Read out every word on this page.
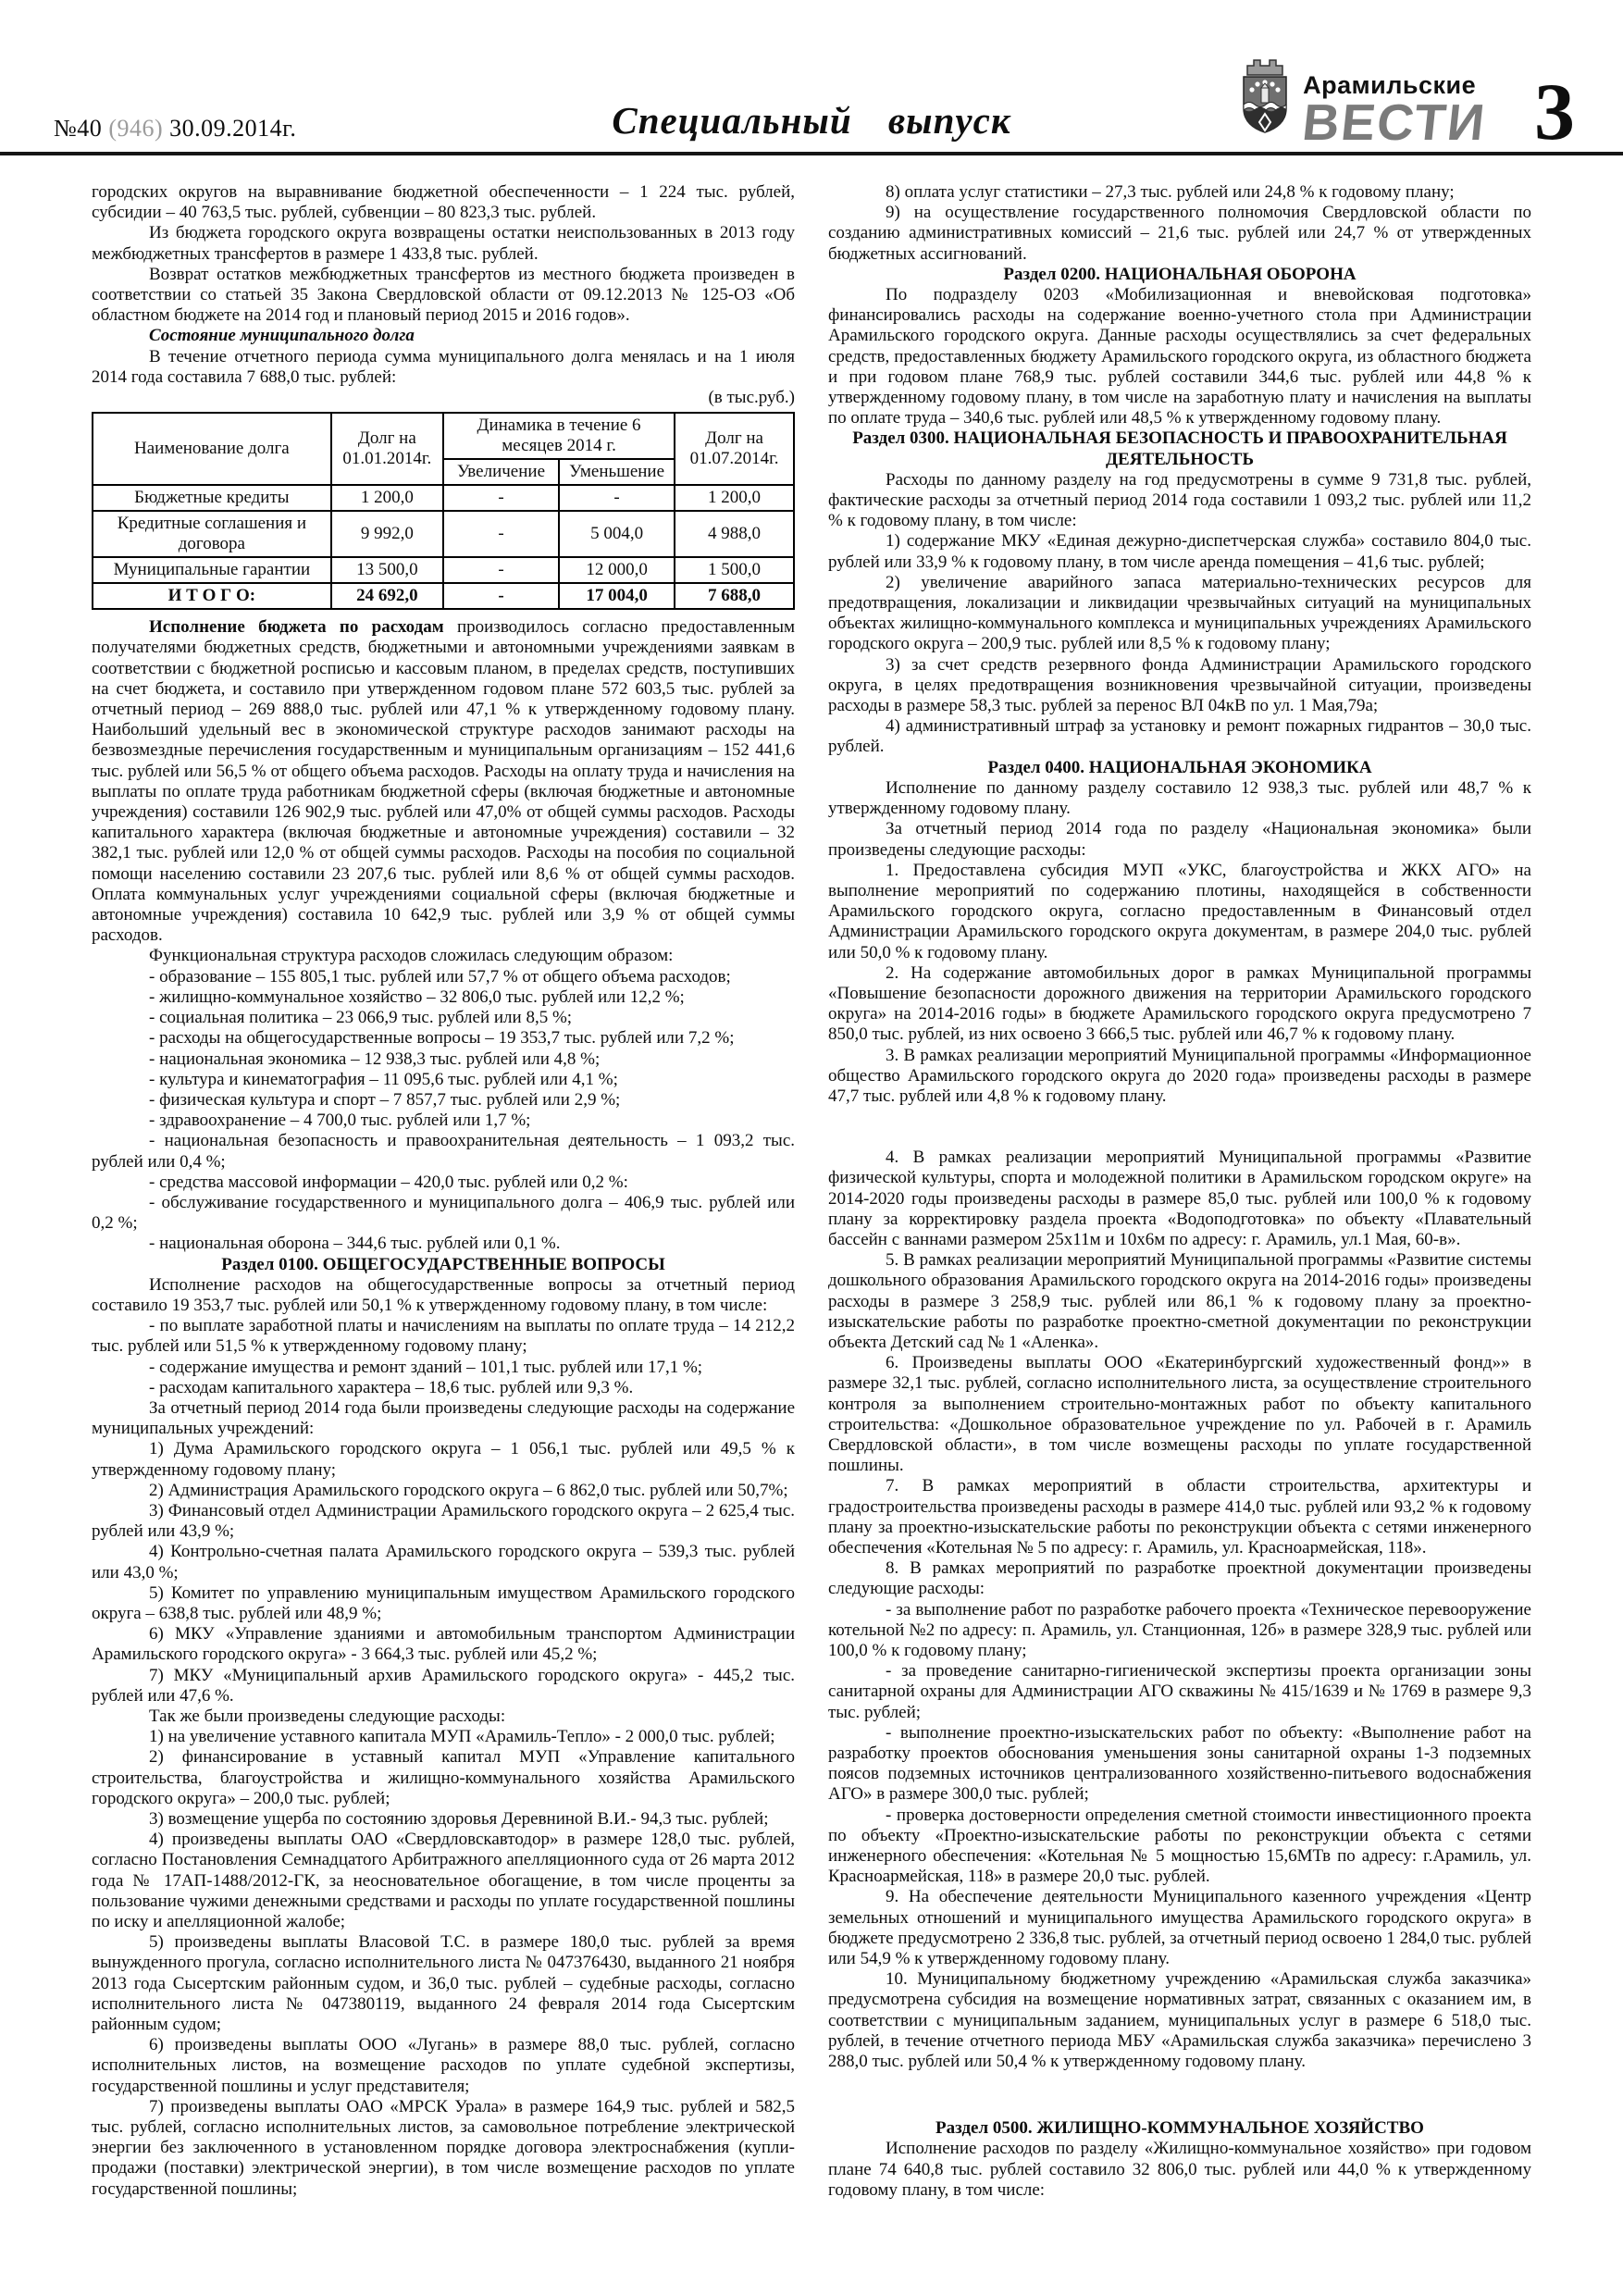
№40 (946) 30.09.2014г.	Специальный выпуск
Арамильские
ВЕСТИ 3

городских округов на выравнивание бюджетной обеспеченности – 1 224 тыс. рублей, субсидии – 40 763,5 тыс. рублей, субвенции – 80 823,3 тыс. рублей.

Из бюджета городского округа возвращены остатки неиспользованных в 2013 году межбюджетных трансфертов в размере 1 433,8 тыс. рублей.

Возврат остатков межбюджетных трансфертов из местного бюджета произведен в соответствии со статьей 35 Закона Свердловской области от 09.12.2013 № 125-ОЗ «Об областном бюджете на 2014 год и плановый период 2015 и 2016 годов».

Состояние муниципального долга

В течение отчетного периода сумма муниципального долга менялась и на 1 июля 2014 года составила 7 688,0 тыс. рублей:

(в тыс.руб.)

Наименование долга	Долг на 01.01.2014г.	Динамика в течение 6 месяцев 2014 г.		Долг на 01.07.2014г.
		Увеличение	Уменьшение	
Бюджетные кредиты	1 200,0	-	-	1 200,0
Кредитные соглашения и договора	9 992,0	-	5 004,0	4 988,0
Муниципальные гарантии	13 500,0	-	12 000,0	1 500,0
И Т О Г О:	24 692,0	-	17 004,0	7 688,0

Исполнение бюджета по расходам производилось согласно предоставленным получателями бюджетных средств, бюджетными и автономными учреждениями заявкам в соответствии с бюджетной росписью и кассовым планом, в пределах средств, поступивших на счет бюджета, и составило при утвержденном годовом плане 572 603,5 тыс. рублей за отчетный период – 269 888,0 тыс. рублей или 47,1 % к утвержденному годовому плану. Наибольший удельный вес в экономической структуре расходов занимают расходы на безвозмездные перечисления государственным и муниципальным организациям – 152 441,6 тыс. рублей или 56,5 % от общего объема расходов. Расходы на оплату труда и начисления на выплаты по оплате труда работникам бюджетной сферы (включая бюджетные и автономные учреждения) составили 126 902,9 тыс. рублей или 47,0% от общей суммы расходов. Расходы капитального характера (включая бюджетные и автономные учреждения) составили – 32 382,1 тыс. рублей или 12,0 % от общей суммы расходов. Расходы на пособия по социальной помощи населению составили 23 207,6 тыс. рублей или 8,6 % от общей суммы расходов. Оплата коммунальных услуг учреждениями социальной сферы (включая бюджетные и автономные учреждения) составила 10 642,9 тыс. рублей или 3,9 % от общей суммы расходов.

Функциональная структура расходов сложилась следующим образом:

- образование – 155 805,1 тыс. рублей или 57,7 % от общего объема расходов;

- жилищно-коммунальное хозяйство – 32 806,0 тыс. рублей или 12,2 %;

- социальная политика – 23 066,9 тыс. рублей или 8,5 %;

- расходы на общегосударственные вопросы – 19 353,7 тыс. рублей или 7,2 %;

- национальная экономика – 12 938,3 тыс. рублей или 4,8 %;

- культура и кинематография – 11 095,6 тыс. рублей или 4,1 %;

- физическая культура и спорт – 7 857,7 тыс. рублей или 2,9 %;

- здравоохранение – 4 700,0 тыс. рублей или 1,7 %;

- национальная безопасность и правоохранительная деятельность – 1 093,2 тыс. рублей или 0,4 %;

- средства массовой информации – 420,0 тыс. рублей или 0,2 %:

- обслуживание государственного и муниципального долга – 406,9 тыс. рублей или 0,2 %;

- национальная оборона – 344,6 тыс. рублей или 0,1 %.

Раздел 0100. ОБЩЕГОСУДАРСТВЕННЫЕ ВОПРОСЫ

Исполнение расходов на общегосударственные вопросы за отчетный период составило 19 353,7 тыс. рублей или 50,1 % к утвержденному годовому плану, в том числе:

- по выплате заработной платы и начислениям на выплаты по оплате труда – 14 212,2 тыс. рублей или 51,5 % к утвержденному годовому плану;

- содержание имущества и ремонт зданий – 101,1 тыс. рублей или 17,1 %;

- расходам капитального характера – 18,6 тыс. рублей или 9,3 %.

За отчетный период 2014 года были произведены следующие расходы на содержание муниципальных учреждений:

1) Дума Арамильского городского округа – 1 056,1 тыс. рублей или 49,5 % к утвержденному годовому плану;

2) Администрация Арамильского городского округа – 6 862,0 тыс. рублей или 50,7%;

3) Финансовый отдел Администрации Арамильского городского округа – 2 625,4 тыс. рублей или 43,9 %;

4) Контрольно-счетная палата Арамильского городского округа – 539,3 тыс. рублей или 43,0 %;

5) Комитет по управлению муниципальным имуществом Арамильского городского округа – 638,8 тыс. рублей или 48,9 %;

6) МКУ «Управление зданиями и автомобильным транспортом Администрации Арамильского городского округа» - 3 664,3 тыс. рублей или 45,2 %;

7) МКУ «Муниципальный архив Арамильского городского округа» - 445,2 тыс. рублей или 47,6 %.

Так же были произведены следующие расходы:

1) на увеличение уставного капитала МУП «Арамиль-Тепло» - 2 000,0 тыс. рублей;

2) финансирование в уставный капитал МУП «Управление капитального строительства, благоустройства и жилищно-коммунального хозяйства Арамильского городского округа» – 200,0 тыс. рублей;

3) возмещение ущерба по состоянию здоровья Деревниной В.И.- 94,3 тыс. рублей;

4) произведены выплаты ОАО «Свердловскавтодор» в размере 128,0 тыс. рублей, согласно Постановления Семнадцатого Арбитражного апелляционного суда от 26 марта 2012 года № 17АП-1488/2012-ГК, за неосновательное обогащение, в том числе проценты за пользование чужими денежными средствами и расходы по уплате государственной пошлины по иску и апелляционной жалобе;

5) произведены выплаты Власовой Т.С. в размере 180,0 тыс. рублей за время вынужденного прогула, согласно исполнительного листа № 047376430, выданного 21 ноября 2013 года Сысертским районным судом, и 36,0 тыс. рублей – судебные расходы, согласно исполнительного листа № 047380119, выданного 24 февраля 2014 года Сысертским районным судом;

6) произведены выплаты ООО «Лугань» в размере 88,0 тыс. рублей, согласно исполнительных листов, на возмещение расходов по уплате судебной экспертизы, государственной пошлины и услуг представителя;

7) произведены выплаты ОАО «МРСК Урала» в размере 164,9 тыс. рублей и 582,5 тыс. рублей, согласно исполнительных листов, за самовольное потребление электрической энергии без заключенного в установленном порядке договора электроснабжения (купли-продажи (поставки) электрической энергии), в том числе возмещение расходов по уплате государственной пошлины;

8) оплата услуг статистики – 27,3 тыс. рублей или 24,8 % к годовому плану;

9) на осуществление государственного полномочия Свердловской области по созданию административных комиссий – 21,6 тыс. рублей или 24,7 % от утвержденных бюджетных ассигнований.

Раздел 0200. НАЦИОНАЛЬНАЯ ОБОРОНА

По подразделу 0203 «Мобилизационная и вневойсковая подготовка» финансировались расходы на содержание военно-учетного стола при Администрации Арамильского городского округа. Данные расходы осуществлялись за счет федеральных средств, предоставленных бюджету Арамильского городского округа, из областного бюджета и при годовом плане 768,9 тыс. рублей составили 344,6 тыс. рублей или 44,8 % к утвержденному годовому плану, в том числе на заработную плату и начисления на выплаты по оплате труда – 340,6 тыс. рублей или 48,5 % к утвержденному годовому плану.

Раздел 0300. НАЦИОНАЛЬНАЯ БЕЗОПАСНОСТЬ И ПРАВООХРАНИТЕЛЬНАЯ ДЕЯТЕЛЬНОСТЬ

Расходы по данному разделу на год предусмотрены в сумме 9 731,8 тыс. рублей, фактические расходы за отчетный период 2014 года составили 1 093,2 тыс. рублей или 11,2 % к годовому плану, в том числе:

1) содержание МКУ «Единая дежурно-диспетчерская служба» составило 804,0 тыс. рублей или 33,9 % к годовому плану, в том числе аренда помещения – 41,6 тыс. рублей;

2) увеличение аварийного запаса материально-технических ресурсов для предотвращения, локализации и ликвидации чрезвычайных ситуаций на муниципальных объектах жилищно-коммунального комплекса и муниципальных учреждениях Арамильского городского округа – 200,9 тыс. рублей или 8,5 % к годовому плану;

3) за счет средств резервного фонда Администрации Арамильского городского округа, в целях предотвращения возникновения чрезвычайной ситуации, произведены расходы в размере 58,3 тыс. рублей за перенос ВЛ 04кВ по ул. 1 Мая,79а;

4) административный штраф за установку и ремонт пожарных гидрантов – 30,0 тыс. рублей.

Раздел 0400. НАЦИОНАЛЬНАЯ ЭКОНОМИКА

Исполнение по данному разделу составило 12 938,3 тыс. рублей или 48,7 % к утвержденному годовому плану.

За отчетный период 2014 года по разделу «Национальная экономика» были произведены следующие расходы:

1. Предоставлена субсидия МУП «УКС, благоустройства и ЖКХ АГО» на выполнение мероприятий по содержанию плотины, находящейся в собственности Арамильского городского округа, согласно предоставленным в Финансовый отдел Администрации Арамильского городского округа документам, в размере 204,0 тыс. рублей или 50,0 % к годовому плану.

2. На содержание автомобильных дорог в рамках Муниципальной программы «Повышение безопасности дорожного движения на территории Арамильского городского округа» на 2014-2016 годы» в бюджете Арамильского городского округа предусмотрено 7 850,0 тыс. рублей, из них освоено 3 666,5 тыс. рублей или 46,7 % к годовому плану.

3. В рамках реализации мероприятий Муниципальной программы «Информационное общество Арамильского городского округа до 2020 года» произведены расходы в размере 47,7 тыс. рублей или 4,8 % к годовому плану.

4. В рамках реализации мероприятий Муниципальной программы «Развитие физической культуры, спорта и молодежной политики в Арамильском городском округе» на 2014-2020 годы произведены расходы в размере 85,0 тыс. рублей или 100,0 % к годовому плану за корректировку раздела проекта «Водоподготовка» по объекту «Плавательный бассейн с ваннами размером 25х11м и 10х6м по адресу: г. Арамиль, ул.1 Мая, 60-в».

5. В рамках реализации мероприятий Муниципальной программы «Развитие системы дошкольного образования Арамильского городского округа на 2014-2016 годы» произведены расходы в размере 3 258,9 тыс. рублей или 86,1 % к годовому плану за проектно-изыскательские работы по разработке проектно-сметной документации по реконструкции объекта Детский сад № 1 «Аленка».

6. Произведены выплаты ООО «Екатеринбургский художественный фонд»» в размере 32,1 тыс. рублей, согласно исполнительного листа, за осуществление строительного контроля за выполнением строительно-монтажных работ по объекту капитального строительства: «Дошкольное образовательное учреждение по ул. Рабочей в г. Арамиль Свердловской области», в том числе возмещены расходы по уплате государственной пошлины.

7. В рамках мероприятий в области строительства, архитектуры и градостроительства произведены расходы в размере 414,0 тыс. рублей или 93,2 % к годовому плану за проектно-изыскательские работы по реконструкции объекта с сетями инженерного обеспечения «Котельная № 5 по адресу: г. Арамиль, ул. Красноармейская, 118».

8. В рамках мероприятий по разработке проектной документации произведены следующие расходы:

- за выполнение работ по разработке рабочего проекта «Техническое перевооружение котельной №2 по адресу: п. Арамиль, ул. Станционная, 12б» в размере 328,9 тыс. рублей или 100,0 % к годовому плану;

- за проведение санитарно-гигиенической экспертизы проекта организации зоны санитарной охраны для Администрации АГО скважины № 415/1639 и № 1769 в размере 9,3 тыс. рублей;

- выполнение проектно-изыскательских работ по объекту: «Выполнение работ на разработку проектов обоснования уменьшения зоны санитарной охраны 1-3 подземных поясов подземных источников централизованного хозяйственно-питьевого водоснабжения АГО» в размере 300,0 тыс. рублей;

- проверка достоверности определения сметной стоимости инвестиционного проекта по объекту «Проектно-изыскательские работы по реконструкции объекта с сетями инженерного обеспечения: «Котельная № 5 мощностью 15,6МТв по адресу: г.Арамиль, ул. Красноармейская, 118» в размере 20,0 тыс. рублей.

9. На обеспечение деятельности Муниципального казенного учреждения «Центр земельных отношений и муниципального имущества Арамильского городского округа» в бюджете предусмотрено 2 336,8 тыс. рублей, за отчетный период освоено 1 284,0 тыс. рублей или 54,9 % к утвержденному годовому плану.

10. Муниципальному бюджетному учреждению «Арамильская служба заказчика» предусмотрена субсидия на возмещение нормативных затрат, связанных с оказанием им, в соответствии с муниципальным заданием, муниципальных услуг в размере 6 518,0 тыс. рублей, в течение отчетного периода МБУ «Арамильская служба заказчика» перечислено 3 288,0 тыс. рублей или 50,4 % к утвержденному годовому плану.

Раздел 0500. ЖИЛИЩНО-КОММУНАЛЬНОЕ ХОЗЯЙСТВО

Исполнение расходов по разделу «Жилищно-коммунальное хозяйство» при годовом плане 74 640,8 тыс. рублей составило 32 806,0 тыс. рублей или 44,0 % к утвержденному годовому плану, в том числе:
